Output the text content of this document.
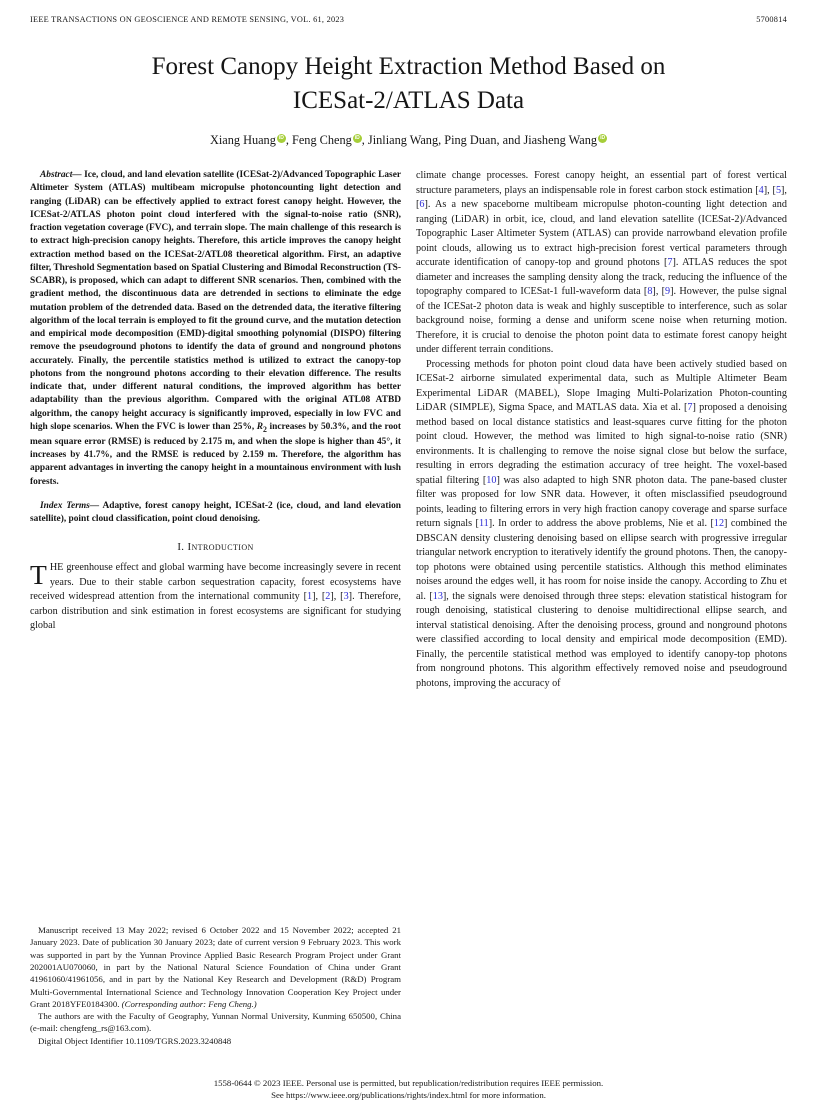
IEEE TRANSACTIONS ON GEOSCIENCE AND REMOTE SENSING, VOL. 61, 2023	5700814
Forest Canopy Height Extraction Method Based on
ICESat-2/ATLAS Data
Xiang Huang iD , Feng Cheng iD , Jinliang Wang, Ping Duan, and Jiasheng Wang iD

Abstract— Ice, cloud, and land elevation satellite (ICESat-2)/Advanced Topographic Laser Altimeter System (ATLAS) multibeam micropulse photoncounting light detection and ranging (LiDAR) can be effectively applied to extract forest canopy height. However, the ICESat-2/ATLAS photon point cloud interfered with the signal-to-noise ratio (SNR), fraction vegetation coverage (FVC), and terrain slope. The main challenge of this research is to extract high-precision canopy heights. Therefore, this article improves the canopy height extraction method based on the ICESat-2/ATL08 theoretical algorithm. First, an adaptive filter, Threshold Segmentation based on Spatial Clustering and Bimodal Reconstruction (TS-SCABR), is proposed, which can adapt to different SNR scenarios. Then, combined with the gradient method, the discontinuous data are detrended in sections to eliminate the edge mutation problem of the detrended data. Based on the detrended data, the iterative filtering algorithm of the local terrain is employed to fit the ground curve, and the mutation detection and empirical mode decomposition (EMD)-digital smoothing polynomial (DISPO) filtering remove the pseudoground photons to identify the data of ground and nonground photons accurately. Finally, the percentile statistics method is utilized to extract the canopy-top photons from the nonground photons according to their elevation difference. The results indicate that, under different natural conditions, the improved algorithm has better adaptability than the previous algorithm. Compared with the original ATL08 ATBD algorithm, the canopy height accuracy is significantly improved, especially in low FVC and high slope scenarios. When the FVC is lower than 25%, $R_2$ increases by 50.3%, and the root mean square error (RMSE) is reduced by 2.175 m, and when the slope is higher than 45°, it increases by 41.7%, and the RMSE is reduced by 2.159 m. Therefore, the algorithm has apparent advantages in inverting the canopy height in a mountainous environment with lush forests.

Index Terms— Adaptive, forest canopy height, ICESat-2 (ice, cloud, and land elevation satellite), point cloud classification, point cloud denoising.

I. Introduction

THE greenhouse effect and global warming have become increasingly severe in recent years. Due to their stable carbon sequestration capacity, forest ecosystems have received widespread attention from the international community [1], [2], [3]. Therefore, carbon distribution and sink estimation in forest ecosystems are significant for studying global

Manuscript received 13 May 2022; revised 6 October 2022 and 15 November 2022; accepted 21 January 2023. Date of publication 30 January 2023; date of current version 9 February 2023. This work was supported in part by the Yunnan Province Applied Basic Research Program Project under Grant 202001AU070060, in part by the National Natural Science Foundation of China under Grant 41961060/41961056, and in part by the National Key Research and Development (R&D) Program Multi-Governmental International Science and Technology Innovation Cooperation Key Project under Grant 2018YFE0184300. (Corresponding author: Feng Cheng.)

The authors are with the Faculty of Geography, Yunnan Normal University, Kunming 650500, China (e-mail: chengfeng_rs@163.com).

Digital Object Identifier 10.1109/TGRS.2023.3240848

climate change processes. Forest canopy height, an essential part of forest vertical structure parameters, plays an indispensable role in forest carbon stock estimation [4], [5], [6]. As a new spaceborne multibeam micropulse photon-counting light detection and ranging (LiDAR) in orbit, ice, cloud, and land elevation satellite (ICESat-2)/Advanced Topographic Laser Altimeter System (ATLAS) can provide narrowband elevation profile point clouds, allowing us to extract high-precision forest vertical parameters through accurate identification of canopy-top and ground photons [7]. ATLAS reduces the spot diameter and increases the sampling density along the track, reducing the influence of the topography compared to ICESat-1 full-waveform data [8], [9]. However, the pulse signal of the ICESat-2 photon data is weak and highly susceptible to interference, such as solar background noise, forming a dense and uniform scene noise when returning motion. Therefore, it is crucial to denoise the photon point data to estimate forest canopy height under different terrain conditions.

Processing methods for photon point cloud data have been actively studied based on ICESat-2 airborne simulated experimental data, such as Multiple Altimeter Beam Experimental LiDAR (MABEL), Slope Imaging Multi-Polarization Photon-counting LiDAR (SIMPLE), Sigma Space, and MATLAS data. Xia et al. [7] proposed a denoising method based on local distance statistics and least-squares curve fitting for the photon point cloud. However, the method was limited to high signal-to-noise ratio (SNR) environments. It is challenging to remove the noise signal close but below the surface, resulting in errors degrading the estimation accuracy of tree height. The voxel-based spatial filtering [10] was also adapted to high SNR photon data. The pane-based cluster filter was proposed for low SNR data. However, it often misclassified pseudoground points, leading to filtering errors in very high fraction canopy coverage and sparse surface return signals [11]. In order to address the above problems, Nie et al. [12] combined the DBSCAN density clustering denoising based on ellipse search with progressive irregular triangular network encryption to iteratively identify the ground photons. Then, the canopy-top photons were obtained using percentile statistics. Although this method eliminates noises around the edges well, it has room for noise inside the canopy. According to Zhu et al. [13], the signals were denoised through three steps: elevation statistical histogram for rough denoising, statistical clustering to denoise multidirectional ellipse search, and interval statistical denoising. After the denoising process, ground and nonground photons were classified according to local density and empirical mode decomposition (EMD). Finally, the percentile statistical method was employed to identify canopy-top photons from nonground photons. This algorithm effectively removed noise and pseudoground photons, improving the accuracy of

1558-0644 © 2023 IEEE. Personal use is permitted, but republication/redistribution requires IEEE permission.
See https://www.ieee.org/publications/rights/index.html for more information.
